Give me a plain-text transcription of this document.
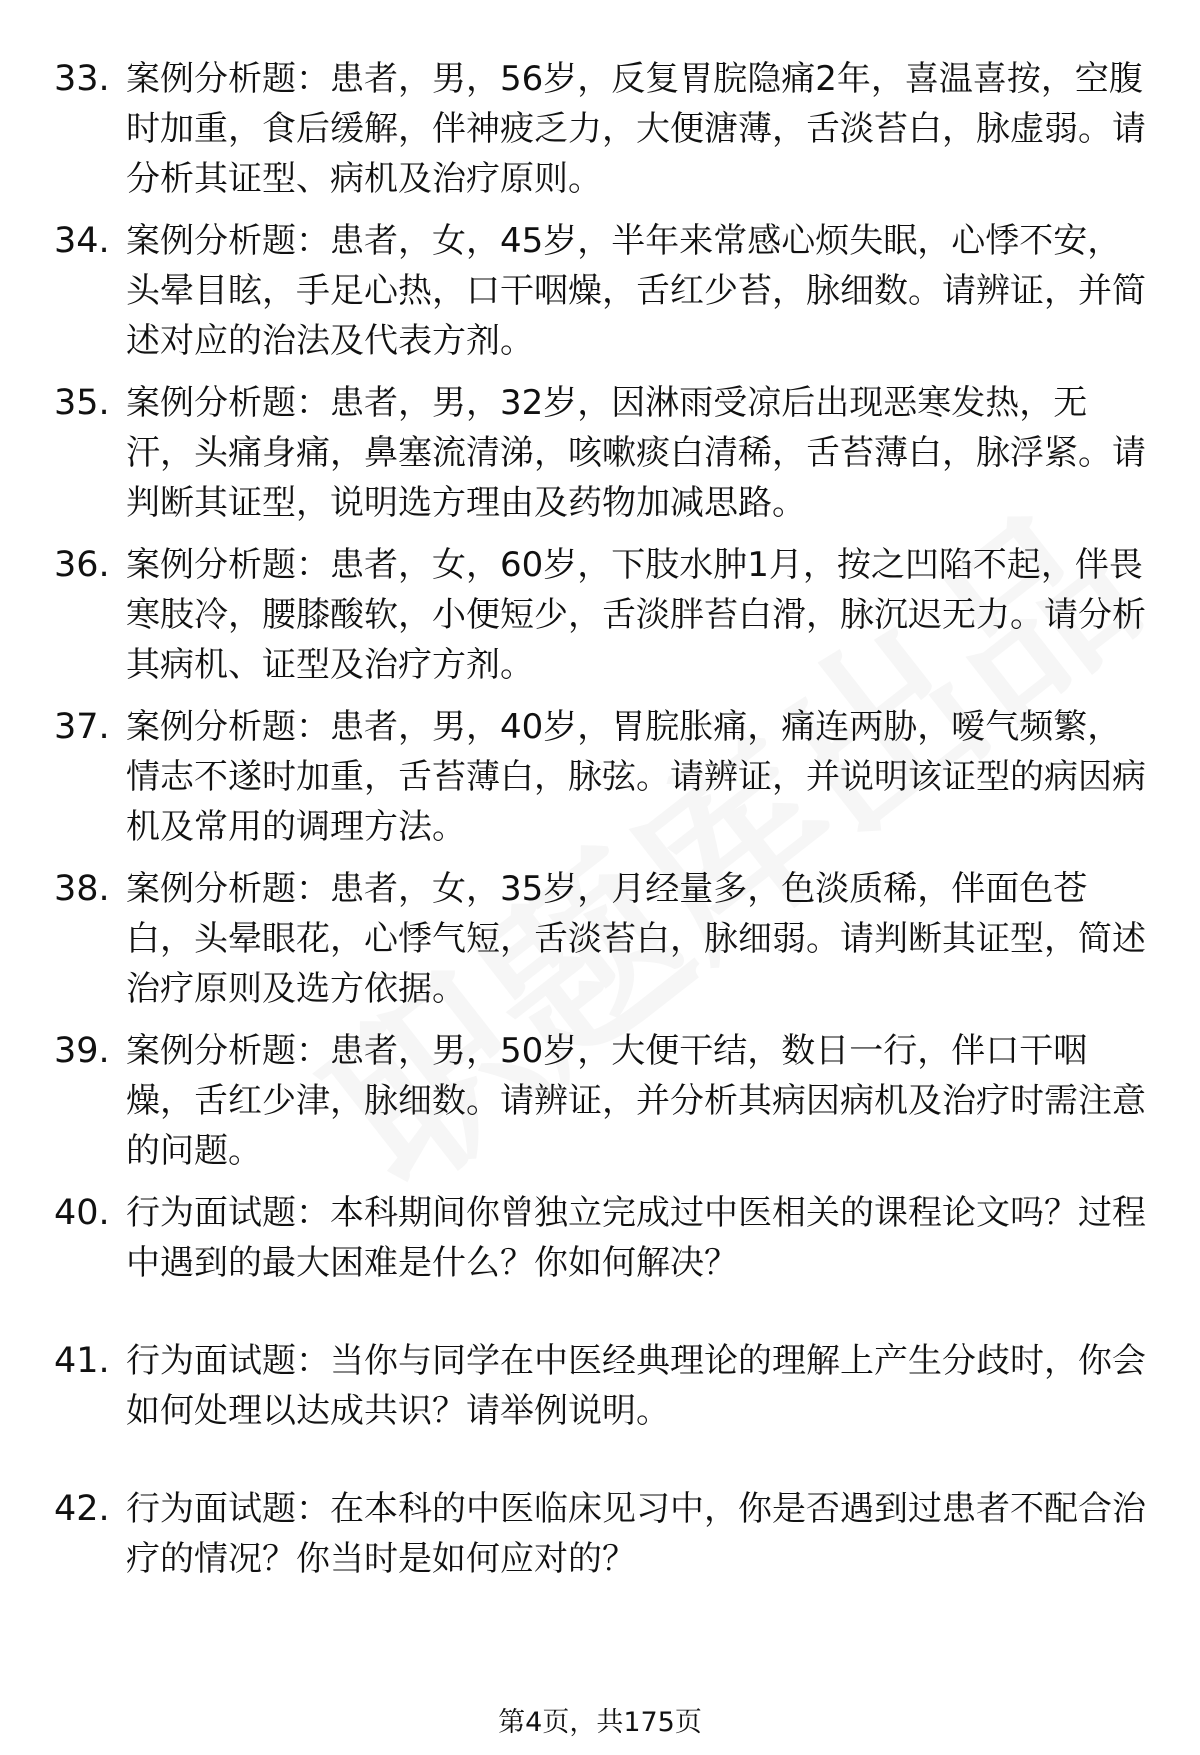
33. 案例分析题：患者，男，56岁，反复胃脘隐痛2年，喜温喜按，空腹时加重，食后缓解，伴神疲乏力，大便溏薄，舌淡苔白，脉虚弱。请分析其证型、病机及治疗原则。
34. 案例分析题：患者，女，45岁，半年来常感心烦失眠，心悸不安，头晕目眩，手足心热，口干咽燥，舌红少苔，脉细数。请辨证，并简述对应的治法及代表方剂。
35. 案例分析题：患者，男，32岁，因淋雨受凉后出现恶寒发热，无汗，头痛身痛，鼻塞流清涕，咳嗽痰白清稀，舌苔薄白，脉浮紧。请判断其证型，说明选方理由及药物加减思路。
36. 案例分析题：患者，女，60岁，下肢水肿1月，按之凹陷不起，伴畏寒肢冷，腰膝酸软，小便短少，舌淡胖苔白滑，脉沉迟无力。请分析其病机、证型及治疗方剂。
37. 案例分析题：患者，男，40岁，胃脘胀痛，痛连两胁，嗳气频繁，情志不遂时加重，舌苔薄白，脉弦。请辨证，并说明该证型的病因病机及常用的调理方法。
38. 案例分析题：患者，女，35岁，月经量多，色淡质稀，伴面色苍白，头晕眼花，心悸气短，舌淡苔白，脉细弱。请判断其证型，简述治疗原则及选方依据。
39. 案例分析题：患者，男，50岁，大便干结，数日一行，伴口干咽燥，舌红少津，脉细数。请辨证，并分析其病因病机及治疗时需注意的问题。
40. 行为面试题：本科期间你曾独立完成过中医相关的课程论文吗？过程中遇到的最大困难是什么？你如何解决？
41. 行为面试题：当你与同学在中医经典理论的理解上产生分歧时，你会如何处理以达成共识？请举例说明。
42. 行为面试题：在本科的中医临床见习中，你是否遇到过患者不配合治疗的情况？你当时是如何应对的？
第4页，共175页
